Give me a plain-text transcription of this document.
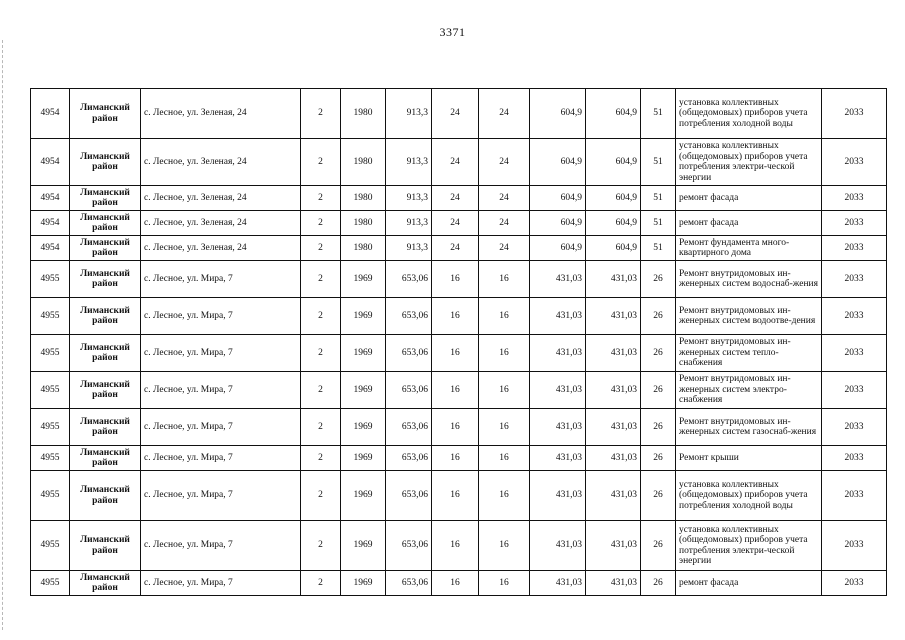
3371
4954	Лиманский район	с. Лесное, ул. Зеленая, 24	2	1980	913,3	24	24	604,9	604,9	51	установка коллективных (общедомовых) приборов учета потребления холодной воды	2033
4954	Лиманский район	с. Лесное, ул. Зеленая, 24	2	1980	913,3	24	24	604,9	604,9	51	установка коллективных (общедомовых) приборов учета потребления электри-ческой энергии	2033
4954	Лиманский район	с. Лесное, ул. Зеленая, 24	2	1980	913,3	24	24	604,9	604,9	51	ремонт фасада	2033
4954	Лиманский район	с. Лесное, ул. Зеленая, 24	2	1980	913,3	24	24	604,9	604,9	51	ремонт фасада	2033
4954	Лиманский район	с. Лесное, ул. Зеленая, 24	2	1980	913,3	24	24	604,9	604,9	51	Ремонт фундамента много-квартирного дома	2033
4955	Лиманский район	с. Лесное, ул. Мира, 7	2	1969	653,06	16	16	431,03	431,03	26	Ремонт внутридомовых ин-женерных систем водоснаб-жения	2033
4955	Лиманский район	с. Лесное, ул. Мира, 7	2	1969	653,06	16	16	431,03	431,03	26	Ремонт внутридомовых ин-женерных систем водоотве-дения	2033
4955	Лиманский район	с. Лесное, ул. Мира, 7	2	1969	653,06	16	16	431,03	431,03	26	Ремонт внутридомовых ин-женерных систем тепло-снабжения	2033
4955	Лиманский район	с. Лесное, ул. Мира, 7	2	1969	653,06	16	16	431,03	431,03	26	Ремонт внутридомовых ин-женерных систем электро-снабжения	2033
4955	Лиманский район	с. Лесное, ул. Мира, 7	2	1969	653,06	16	16	431,03	431,03	26	Ремонт внутридомовых ин-женерных систем газоснаб-жения	2033
4955	Лиманский район	с. Лесное, ул. Мира, 7	2	1969	653,06	16	16	431,03	431,03	26	Ремонт крыши	2033
4955	Лиманский район	с. Лесное, ул. Мира, 7	2	1969	653,06	16	16	431,03	431,03	26	установка коллективных (общедомовых) приборов учета потребления холодной воды	2033
4955	Лиманский район	с. Лесное, ул. Мира, 7	2	1969	653,06	16	16	431,03	431,03	26	установка коллективных (общедомовых) приборов учета потребления электри-ческой энергии	2033
4955	Лиманский район	с. Лесное, ул. Мира, 7	2	1969	653,06	16	16	431,03	431,03	26	ремонт фасада	2033
